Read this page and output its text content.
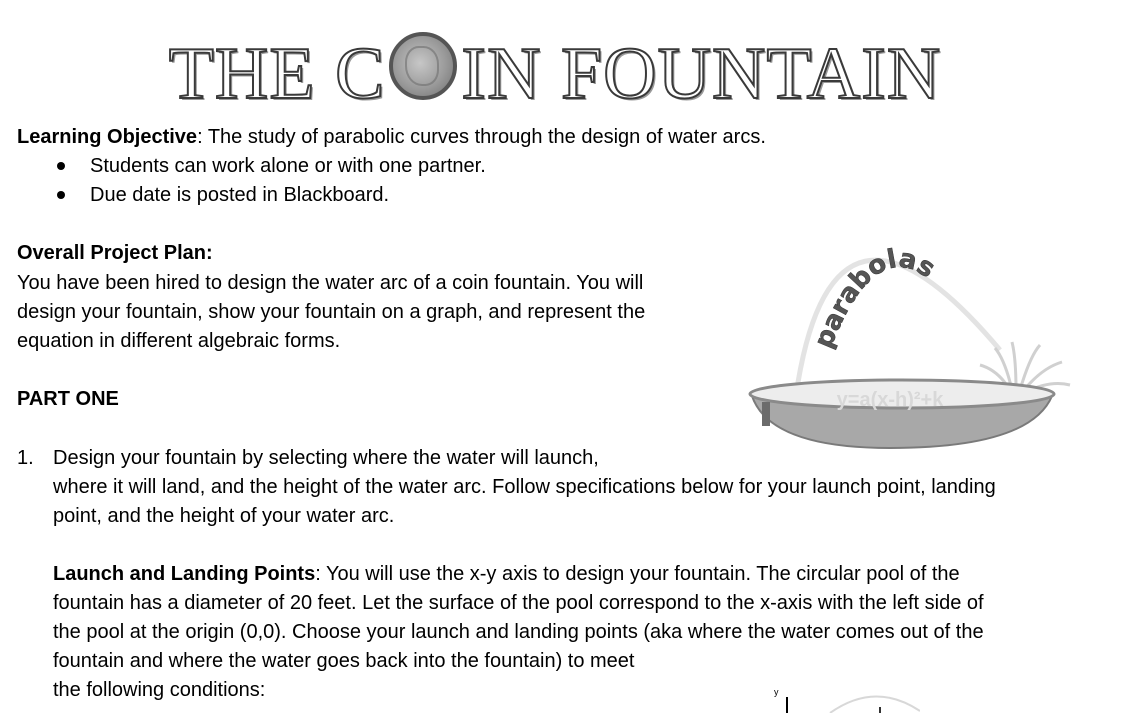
THE C IN FOUNTAIN
Learning Objective: The study of parabolic curves through the design of water arcs.
Students can work alone or with one partner.
Due date is posted in Blackboard.
Overall Project Plan:
You have been hired to design the water arc of a coin fountain. You will
design your fountain, show your fountain on a graph, and represent the
equation in different algebraic forms.
PART ONE
1. Design your fountain by selecting where the water will launch,
where it will land, and the height of the water arc. Follow specifications below for your launch point, landing
point, and the height of your water arc.
Launch and Landing Points: You will use the x-y axis to design your fountain. The circular pool of the
fountain has a diameter of 20 feet. Let the surface of the pool correspond to the x-axis with the left side of
the pool at the origin (0,0). Choose your launch and landing points (aka where the water comes out of the
fountain and where the water goes back into the fountain) to meet
the following conditions:
y=a(x-h)²+k
parabolas
y
